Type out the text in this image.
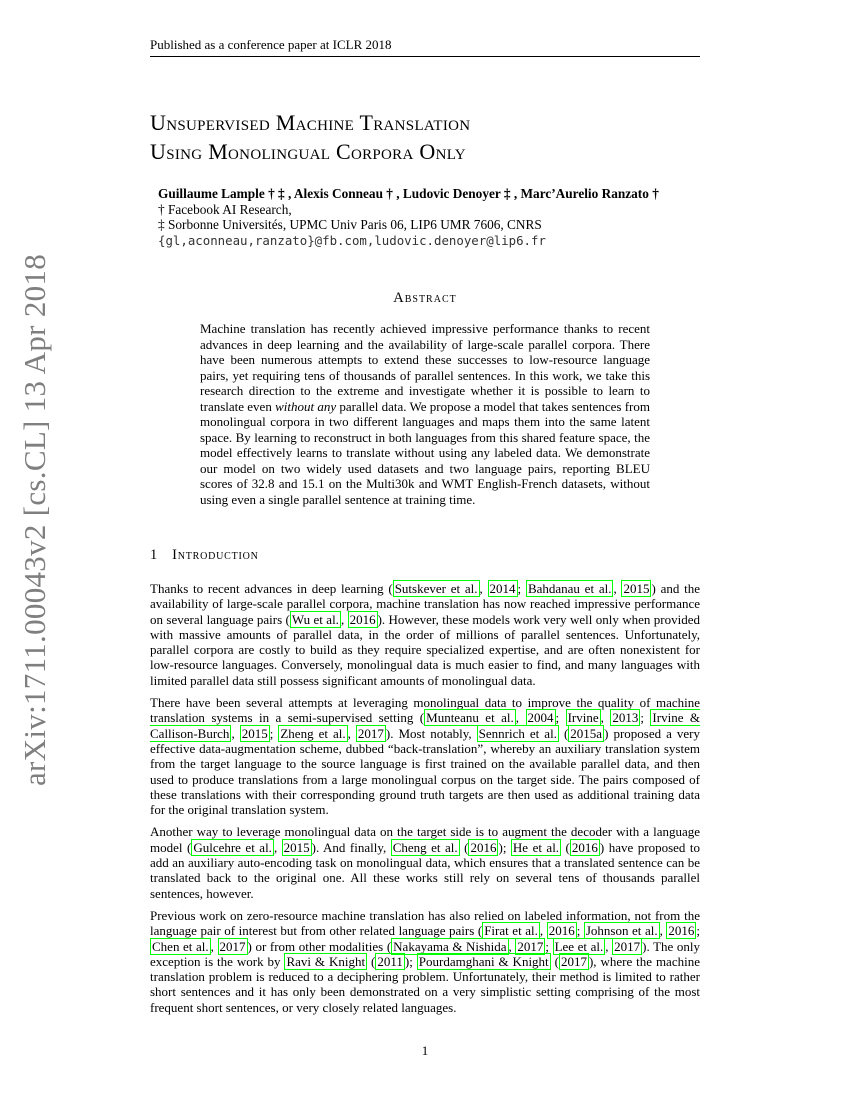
Published as a conference paper at ICLR 2018
arXiv:1711.00043v2 [cs.CL] 13 Apr 2018
Unsupervised Machine Translation
Using Monolingual Corpora Only
Guillaume Lample † ‡ , Alexis Conneau † , Ludovic Denoyer ‡ , Marc’Aurelio Ranzato †
† Facebook AI Research,
‡ Sorbonne Universités, UPMC Univ Paris 06, LIP6 UMR 7606, CNRS
{gl,aconneau,ranzato}@fb.com,ludovic.denoyer@lip6.fr
Abstract
Machine translation has recently achieved impressive performance thanks to recent advances in deep learning and the availability of large-scale parallel corpora. There have been numerous attempts to extend these successes to low-resource language pairs, yet requiring tens of thousands of parallel sentences. In this work, we take this research direction to the extreme and investigate whether it is possible to learn to translate even without any parallel data. We propose a model that takes sentences from monolingual corpora in two different languages and maps them into the same latent space. By learning to reconstruct in both languages from this shared feature space, the model effectively learns to translate without using any labeled data. We demonstrate our model on two widely used datasets and two language pairs, reporting BLEU scores of 32.8 and 15.1 on the Multi30k and WMT English-French datasets, without using even a single parallel sentence at training time.
1 Introduction

Thanks to recent advances in deep learning ( Sutskever et al. , 2014 ; Bahdanau et al. , 2015 ) and the availability of large-scale parallel corpora, machine translation has now reached impressive performance on several language pairs ( Wu et al. , 2016 ). However, these models work very well only when provided with massive amounts of parallel data, in the order of millions of parallel sentences. Unfortunately, parallel corpora are costly to build as they require specialized expertise, and are often nonexistent for low-resource languages. Conversely, monolingual data is much easier to find, and many languages with limited parallel data still possess significant amounts of monolingual data.

There have been several attempts at leveraging monolingual data to improve the quality of machine translation systems in a semi-supervised setting ( Munteanu et al. , 2004 ; Irvine , 2013 ; Irvine & Callison-Burch , 2015 ; Zheng et al. , 2017 ). Most notably, Sennrich et al. ( 2015a ) proposed a very effective data-augmentation scheme, dubbed “back-translation”, whereby an auxiliary translation system from the target language to the source language is first trained on the available parallel data, and then used to produce translations from a large monolingual corpus on the target side. The pairs composed of these translations with their corresponding ground truth targets are then used as additional training data for the original translation system.

Another way to leverage monolingual data on the target side is to augment the decoder with a language model ( Gulcehre et al. , 2015 ). And finally, Cheng et al. ( 2016 ); He et al. ( 2016 ) have proposed to add an auxiliary auto-encoding task on monolingual data, which ensures that a translated sentence can be translated back to the original one. All these works still rely on several tens of thousands parallel sentences, however.

Previous work on zero-resource machine translation has also relied on labeled information, not from the language pair of interest but from other related language pairs ( Firat et al. , 2016 ; Johnson et al. , 2016 ; Chen et al. , 2017 ) or from other modalities ( Nakayama & Nishida , 2017 ; Lee et al. , 2017 ). The only exception is the work by Ravi & Knight ( 2011 ); Pourdamghani & Knight ( 2017 ), where the machine translation problem is reduced to a deciphering problem. Unfortunately, their method is limited to rather short sentences and it has only been demonstrated on a very simplistic setting comprising of the most frequent short sentences, or very closely related languages.

1
